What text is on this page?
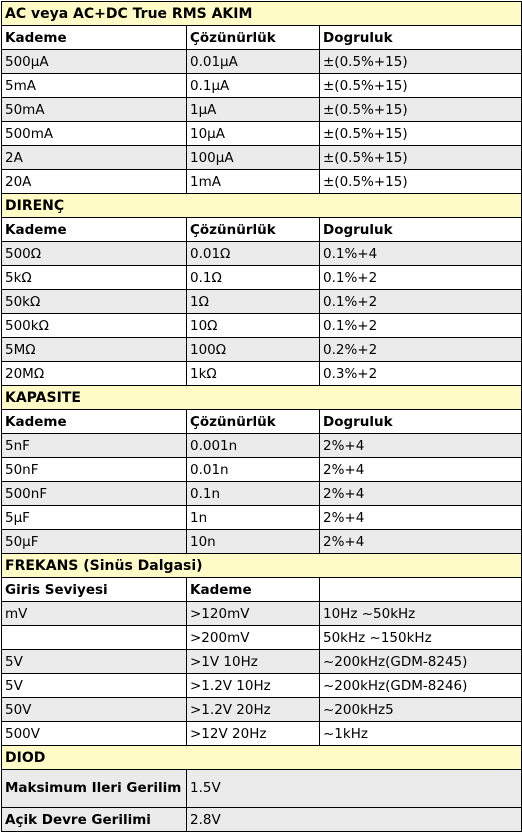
AC veya AC+DC True RMS AKIM		
Kademe	Çözünürlük	Dogruluk
500μA	0.01μA	±(0.5%+15)
5mA	0.1μA	±(0.5%+15)
50mA	1μA	±(0.5%+15)
500mA	10μA	±(0.5%+15)
2A	100μA	±(0.5%+15)
20A	1mA	±(0.5%+15)
DIRENÇ		
Kademe	Çözünürlük	Dogruluk
500Ω	0.01Ω	0.1%+4
5kΩ	0.1Ω	0.1%+2
50kΩ	1Ω	0.1%+2
500kΩ	10Ω	0.1%+2
5MΩ	100Ω	0.2%+2
20MΩ	1kΩ	0.3%+2
KAPASITE		
Kademe	Çözünürlük	Dogruluk
5nF	0.001n	2%+4
50nF	0.01n	2%+4
500nF	0.1n	2%+4
5μF	1n	2%+4
50μF	10n	2%+4
FREKANS (Sinüs Dalgasi)		
Giris Seviyesi	Kademe	
mV	>120mV	10Hz ~50kHz
	>200mV	50kHz ~150kHz
5V	>1V 10Hz	~200kHz(GDM-8245)
5V	>1.2V 10Hz	~200kHz(GDM-8246)
50V	>1.2V 20Hz	~200kHz5
500V	>12V 20Hz	~1kHz
DIOD		
Maksimum Ileri Gerilim	1.5V	
Açik Devre Gerilimi	2.8V	
